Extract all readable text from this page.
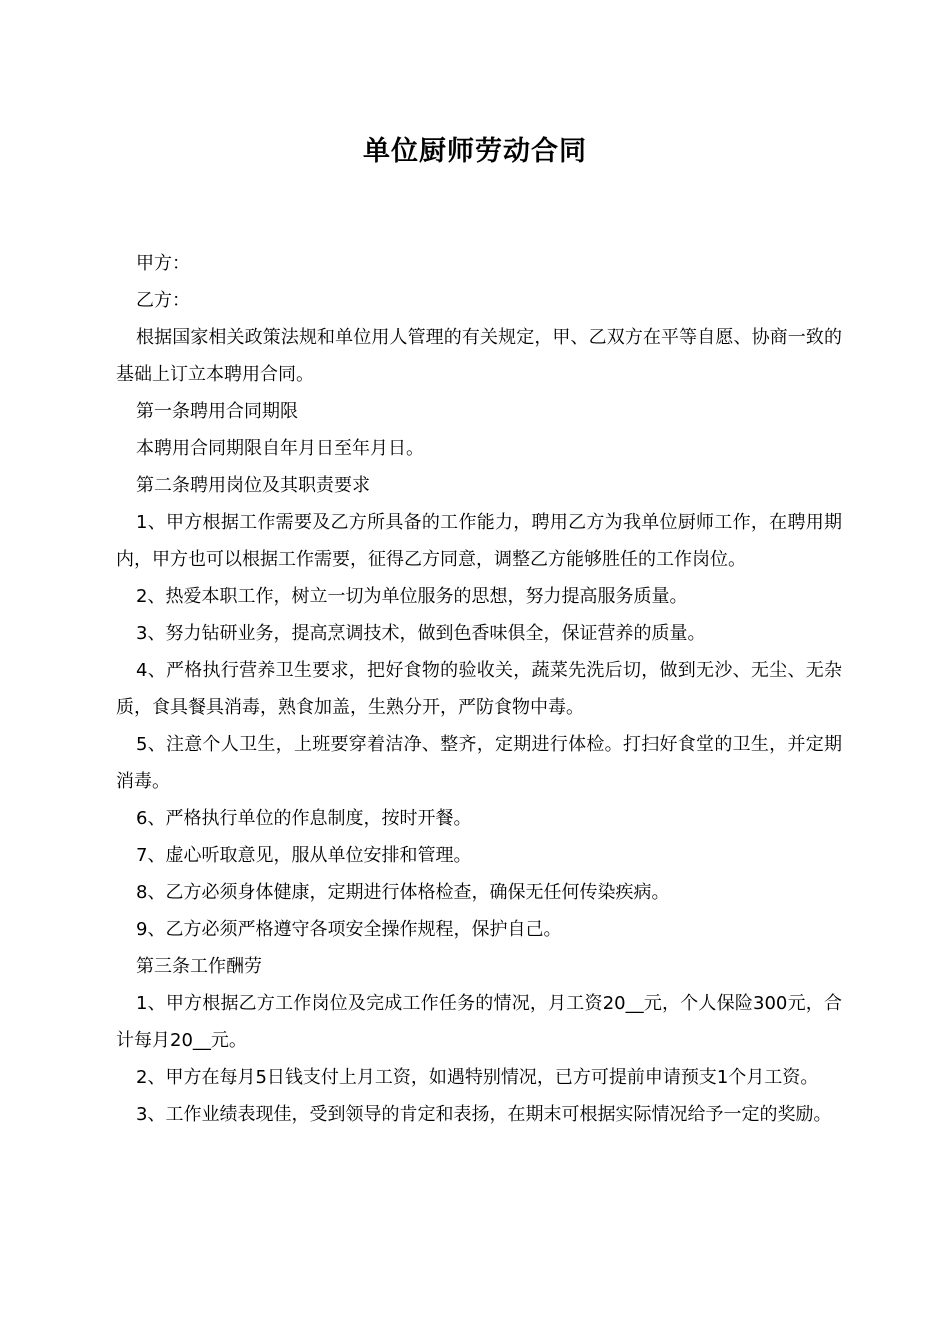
单位厨师劳动合同

甲方：

乙方：

根据国家相关政策法规和单位用人管理的有关规定，甲、乙双方在平等自愿、协商一致的基础上订立本聘用合同。

第一条聘用合同期限

本聘用合同期限自年月日至年月日。

第二条聘用岗位及其职责要求

1、甲方根据工作需要及乙方所具备的工作能力，聘用乙方为我单位厨师工作，在聘用期内，甲方也可以根据工作需要，征得乙方同意，调整乙方能够胜任的工作岗位。

2、热爱本职工作，树立一切为单位服务的思想，努力提高服务质量。

3、努力钻研业务，提高烹调技术，做到色香味俱全，保证营养的质量。

4、严格执行营养卫生要求，把好食物的验收关，蔬菜先洗后切，做到无沙、无尘、无杂质，食具餐具消毒，熟食加盖，生熟分开，严防食物中毒。

5、注意个人卫生，上班要穿着洁净、整齐，定期进行体检。打扫好食堂的卫生，并定期消毒。

6、严格执行单位的作息制度，按时开餐。

7、虚心听取意见，服从单位安排和管理。

8、乙方必须身体健康，定期进行体格检查，确保无任何传染疾病。

9、乙方必须严格遵守各项安全操作规程，保护自己。

第三条工作酬劳

1、甲方根据乙方工作岗位及完成工作任务的情况，月工资20__元，个人保险300元，合计每月20__元。

2、甲方在每月5日钱支付上月工资，如遇特别情况，已方可提前申请预支1个月工资。

3、工作业绩表现佳，受到领导的肯定和表扬，在期末可根据实际情况给予一定的奖励。
